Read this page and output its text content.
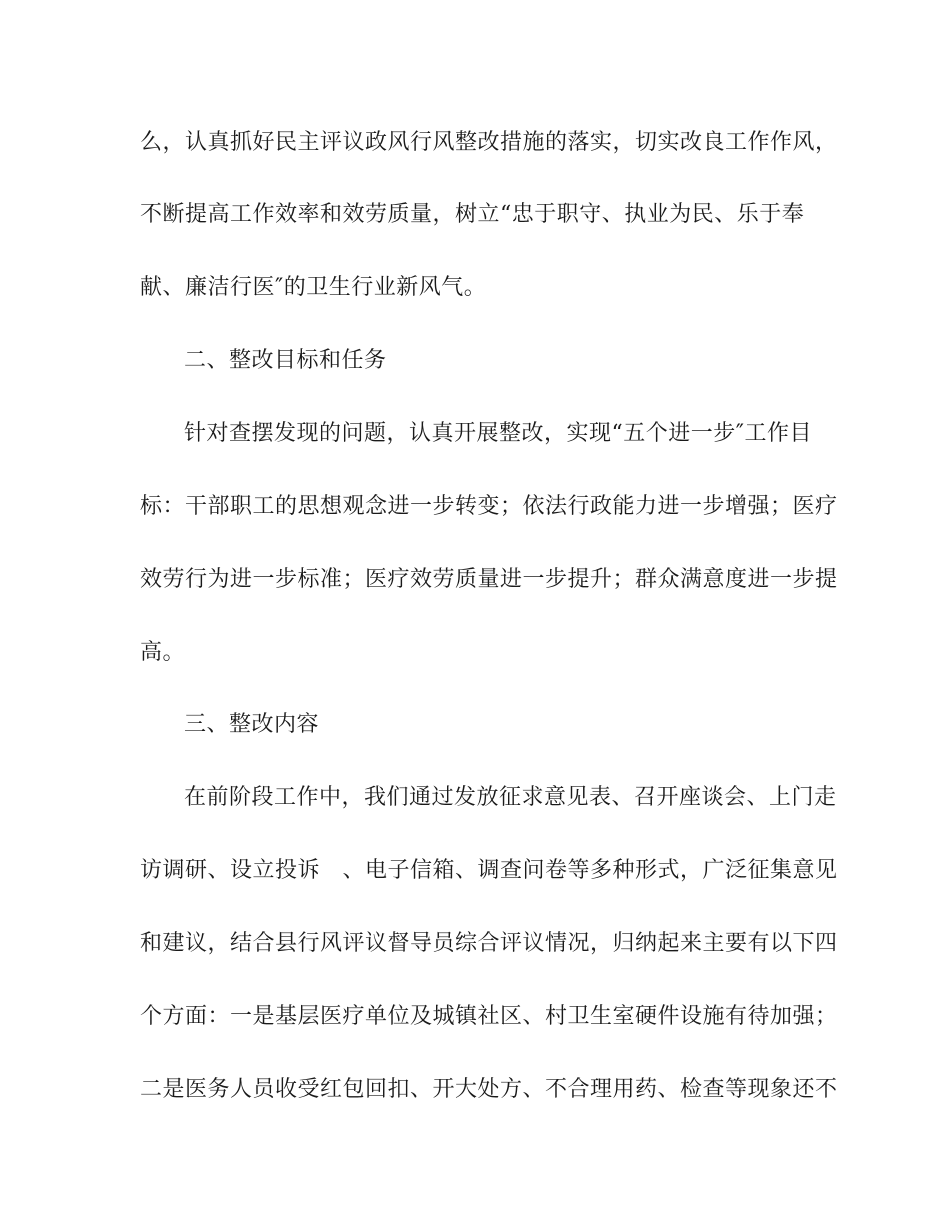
么，认真抓好民主评议政风行风整改措施的落实，切实改良工作作风，
不断提高工作效率和效劳质量，树立“忠于职守、执业为民、乐于奉
献、廉洁行医″的卫生行业新风气。
二、整改目标和任务
针对查摆发现的问题，认真开展整改，实现“五个进一步″工作目
标：干部职工的思想观念进一步转变；依法行政能力进一步增强；医疗
效劳行为进一步标准；医疗效劳质量进一步提升；群众满意度进一步提
高。
三、整改内容
在前阶段工作中，我们通过发放征求意见表、召开座谈会、上门走
访调研、设立投诉　、电子信箱、调查问卷等多种形式，广泛征集意见
和建议，结合县行风评议督导员综合评议情况，归纳起来主要有以下四
个方面：一是基层医疗单位及城镇社区、村卫生室硬件设施有待加强；
二是医务人员收受红包回扣、开大处方、不合理用药、检查等现象还不
